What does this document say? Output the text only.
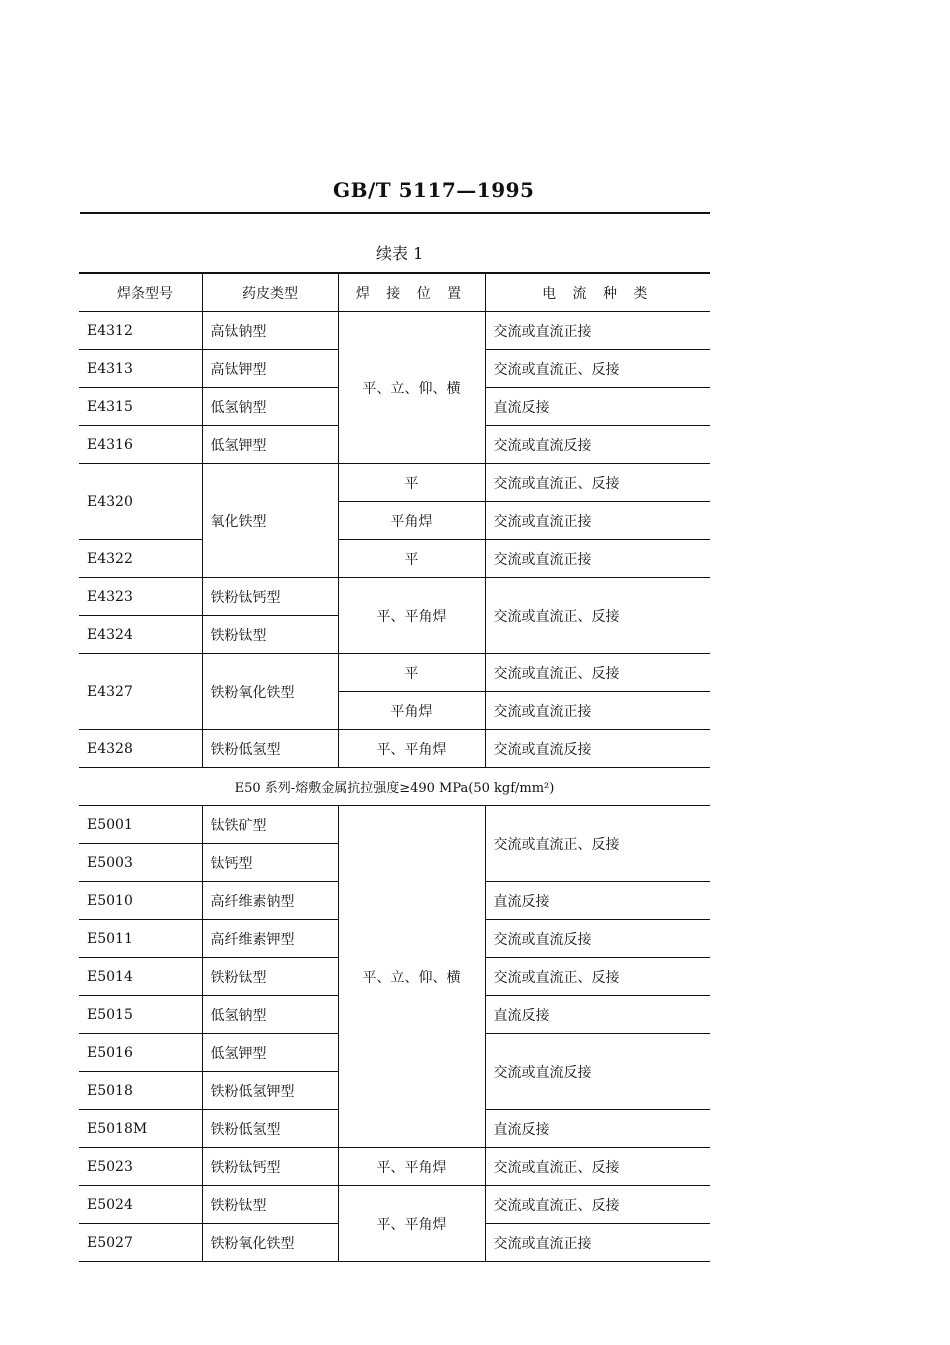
GB/T 5117—1995
续表 1
焊条型号	药皮类型	焊 接 位 置	电 流 种 类
E4312	高钛钠型	平、立、仰、横	交流或直流正接
E4313	高钛钾型		交流或直流正、反接
E4315	低氢钠型		直流反接
E4316	低氢钾型		交流或直流反接
E4320	氧化铁型	平	交流或直流正、反接
		平角焊	交流或直流正接
E4322		平	交流或直流正接
E4323	铁粉钛钙型	平、平角焊	交流或直流正、反接
E4324	铁粉钛型		
E4327	铁粉氧化铁型	平	交流或直流正、反接
		平角焊	交流或直流正接
E4328	铁粉低氢型	平、平角焊	交流或直流反接
E50 系列-熔敷金属抗拉强度≥490 MPa(50 kgf/mm²)			
E5001	钛铁矿型	平、立、仰、横	交流或直流正、反接
E5003	钛钙型		
E5010	高纤维素钠型		直流反接
E5011	高纤维素钾型		交流或直流反接
E5014	铁粉钛型		交流或直流正、反接
E5015	低氢钠型		直流反接
E5016	低氢钾型		交流或直流反接
E5018	铁粉低氢钾型		
E5018M	铁粉低氢型		直流反接
E5023	铁粉钛钙型	平、平角焊	交流或直流正、反接
E5024	铁粉钛型	平、平角焊	交流或直流正、反接
E5027	铁粉氧化铁型		交流或直流正接
